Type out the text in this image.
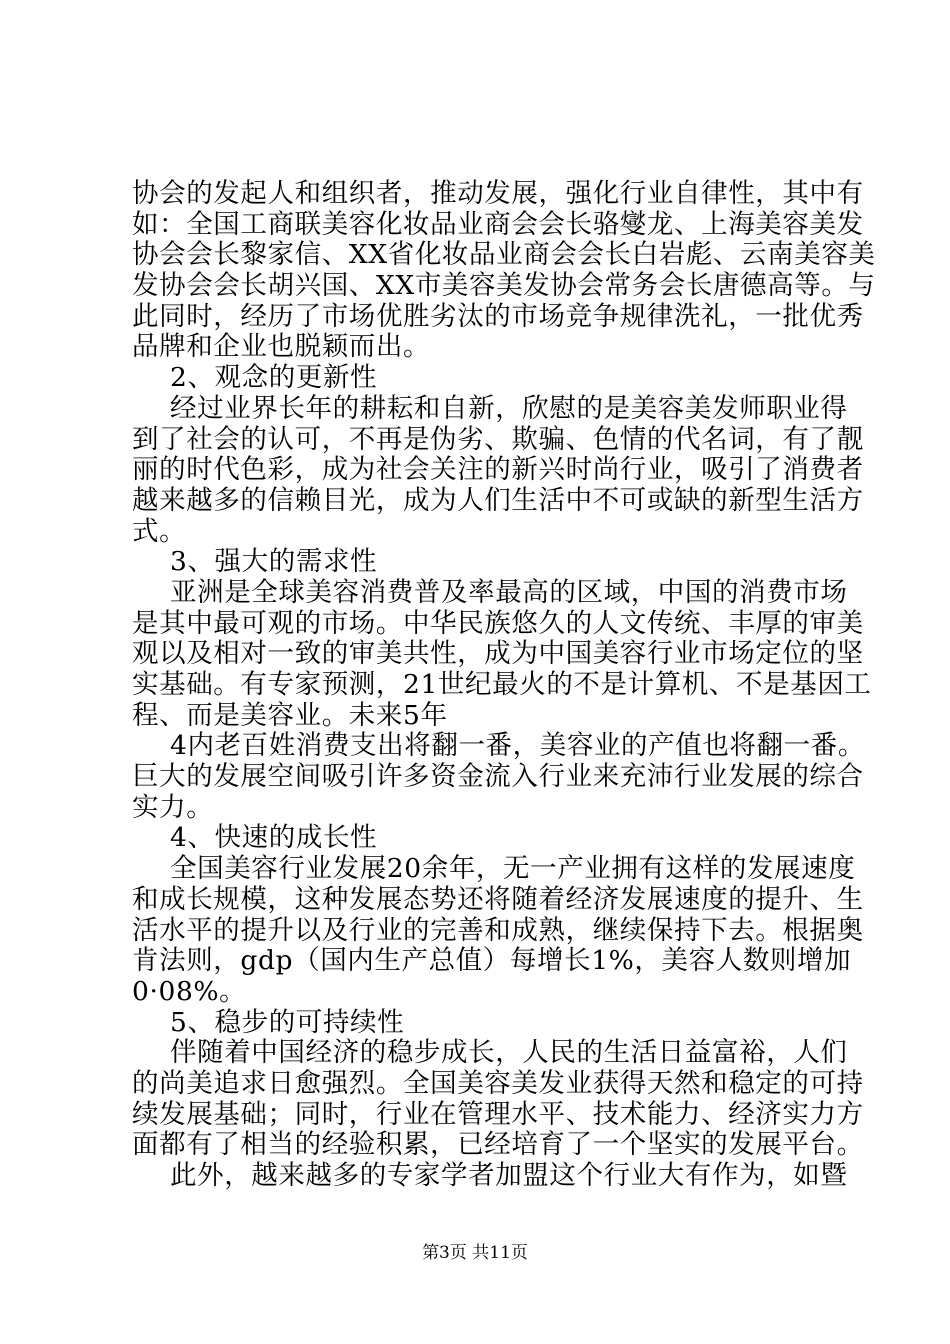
协会的发起人和组织者，推动发展，强化行业自律性，其中有
如：全国工商联美容化妆品业商会会长骆燮龙、上海美容美发
协会会长黎家信、XX省化妆品业商会会长白岩彪、云南美容美
发协会会长胡兴国、XX市美容美发协会常务会长唐德高等。与
此同时，经历了市场优胜劣汰的市场竞争规律洗礼，一批优秀
品牌和企业也脱颖而出。
2、观念的更新性
经过业界长年的耕耘和自新，欣慰的是美容美发师职业得
到了社会的认可，不再是伪劣、欺骗、色情的代名词，有了靓
丽的时代色彩，成为社会关注的新兴时尚行业，吸引了消费者
越来越多的信赖目光，成为人们生活中不可或缺的新型生活方
式。
3、强大的需求性
亚洲是全球美容消费普及率最高的区域，中国的消费市场
是其中最可观的市场。中华民族悠久的人文传统、丰厚的审美
观以及相对一致的审美共性，成为中国美容行业市场定位的坚
实基础。有专家预测，21世纪最火的不是计算机、不是基因工
程、而是美容业。未来5年
4内老百姓消费支出将翻一番，美容业的产值也将翻一番。
巨大的发展空间吸引许多资金流入行业来充沛行业发展的综合
实力。
4、快速的成长性
全国美容行业发展20余年，无一产业拥有这样的发展速度
和成长规模，这种发展态势还将随着经济发展速度的提升、生
活水平的提升以及行业的完善和成熟，继续保持下去。根据奥
肯法则，gdp（国内生产总值）每增长1%，美容人数则增加
0·08%。
5、稳步的可持续性
伴随着中国经济的稳步成长，人民的生活日益富裕，人们
的尚美追求日愈强烈。全国美容美发业获得天然和稳定的可持
续发展基础；同时，行业在管理水平、技术能力、经济实力方
面都有了相当的经验积累，已经培育了一个坚实的发展平台。
此外，越来越多的专家学者加盟这个行业大有作为，如暨
第3页 共11页
